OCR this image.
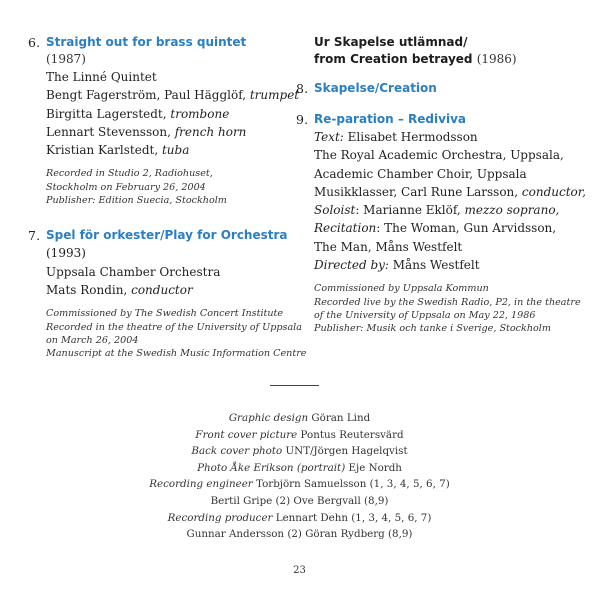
6. Straight out for brass quintet (1987)
The Linné Quintet
Bengt Fagerström, Paul Hägglöf, trumpet
Birgitta Lagerstedt, trombone
Lennart Stevensson, french horn
Kristian Karlstedt, tuba
Recorded in Studio 2, Radiohuset,
Stockholm on February 26, 2004
Publisher: Edition Suecia, Stockholm
7. Spel för orkester/Play for Orchestra
(1993)
Uppsala Chamber Orchestra
Mats Rondin, conductor
Commissioned by The Swedish Concert Institute
Recorded in the theatre of the University of Uppsala
on March 26, 2004
Manuscript at the Swedish Music Information Centre
Ur Skapelse utlämnad/
from Creation betrayed (1986)
8. Skapelse/Creation
9. Re-paration – Rediviva
Text: Elisabet Hermodsson
The Royal Academic Orchestra, Uppsala,
Academic Chamber Choir, Uppsala
Musikklasser, Carl Rune Larsson, conductor,
Soloist: Marianne Eklöf, mezzo soprano,
Recitation: The Woman, Gun Arvidsson,
The Man, Måns Westfelt
Directed by: Måns Westfelt
Commissioned by Uppsala Kommun
Recorded live by the Swedish Radio, P2, in the theatre
of the University of Uppsala on May 22, 1986
Publisher: Musik och tanke i Sverige, Stockholm
Graphic design Göran Lind
Front cover picture Pontus Reutersvärd
Back cover photo UNT/Jörgen Hagelqvist
Photo Åke Erikson (portrait) Eje Nordh
Recording engineer Torbjörn Samuelsson (1, 3, 4, 5, 6, 7)
Bertil Gripe (2) Ove Bergvall (8,9)
Recording producer Lennart Dehn (1, 3, 4, 5, 6, 7)
Gunnar Andersson (2) Göran Rydberg (8,9)
23
